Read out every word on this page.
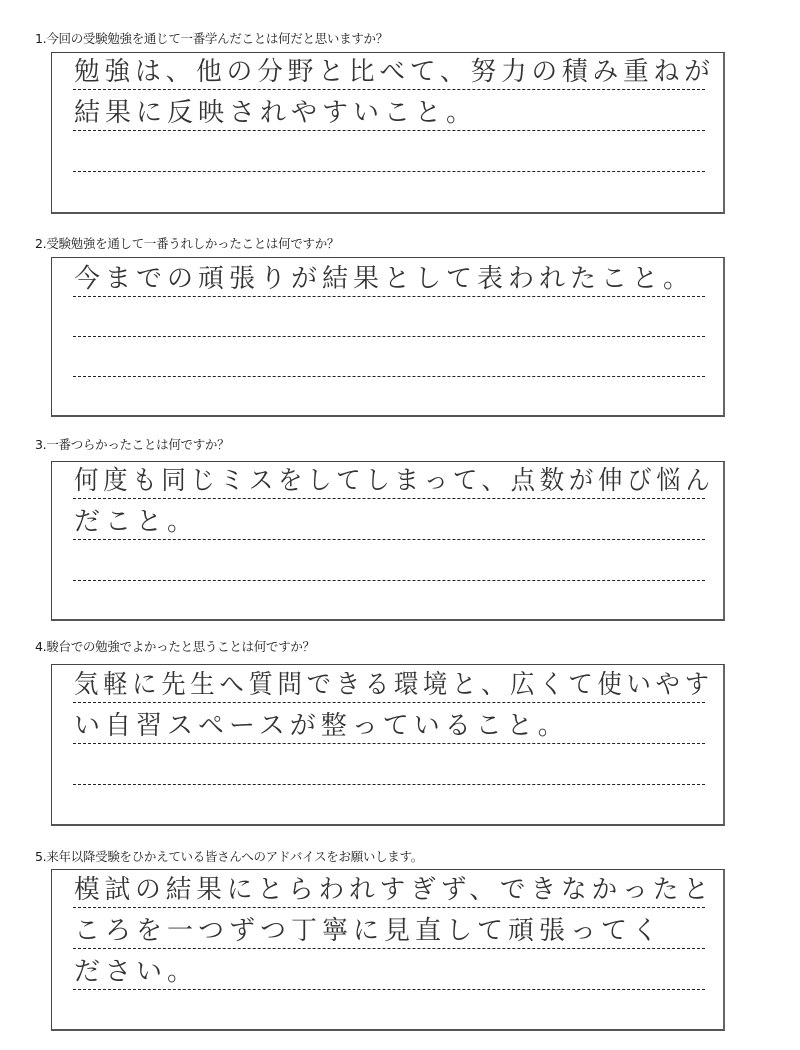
1.今回の受験勉強を通じて一番学んだことは何だと思いますか？
勉強は、他の分野と比べて、努力の積み重ねが
結果に反映されやすいこと。
2.受験勉強を通して一番うれしかったことは何ですか？
今までの頑張りが結果として表われたこと。
3.一番つらかったことは何ですか？
何度も同じミスをしてしまって、点数が伸び悩ん
だこと。
4.駿台での勉強でよかったと思うことは何ですか？
気軽に先生へ質問できる環境と、広くて使いやす
い自習スペースが整っていること。
5.来年以降受験をひかえている皆さんへのアドバイスをお願いします。
模試の結果にとらわれすぎず、できなかったと
ころを一つずつ丁寧に見直して頑張ってく
ださい。
